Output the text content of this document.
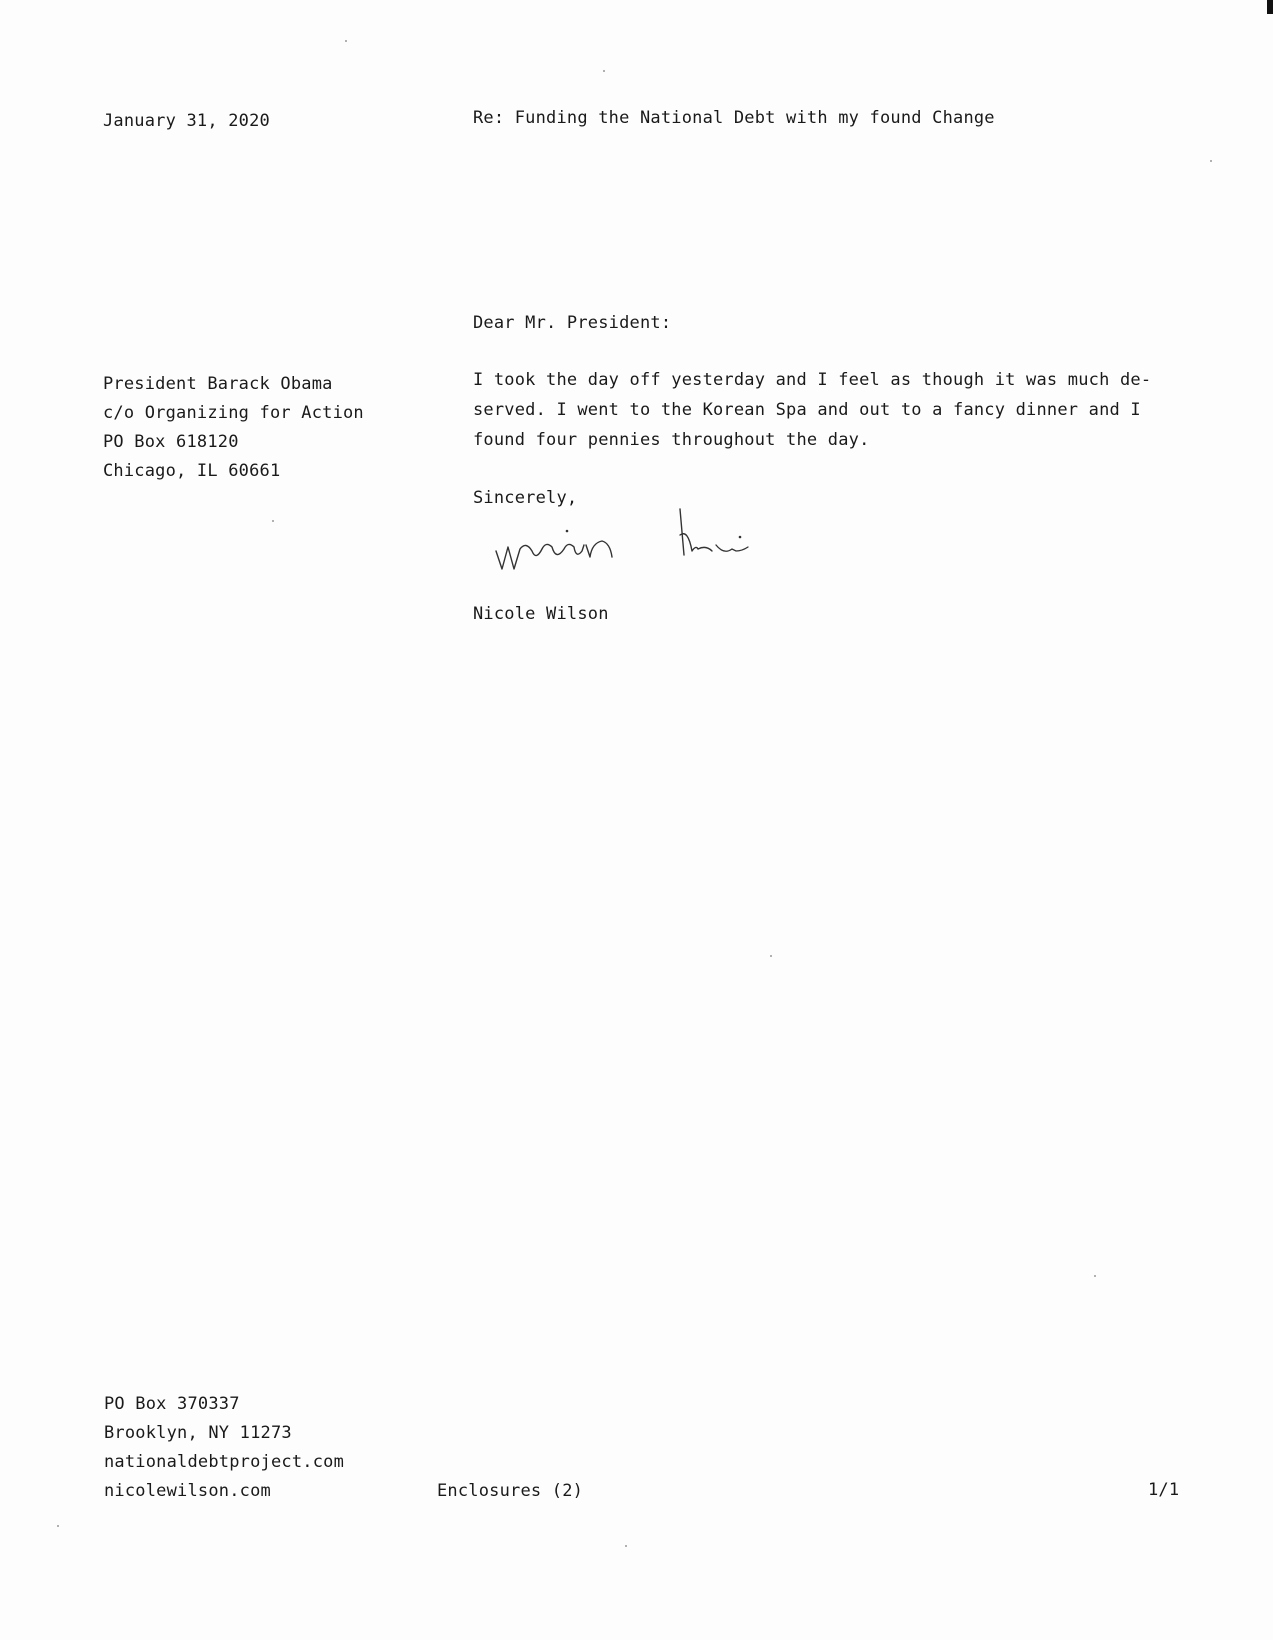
January 31, 2020	Re: Funding the National Debt with my found Change
Dear Mr. President:
President Barack Obama
c/o Organizing for Action
PO Box 618120
Chicago, IL 60661
I took the day off yesterday and I feel as though it was much de-
served. I went to the Korean Spa and out to a fancy dinner and I
found four pennies throughout the day.
Sincerely,
Nicole Wilson
PO Box 370337
Brooklyn, NY 11273
nationaldebtproject.com
nicolewilson.com	Enclosures (2)	1/1
